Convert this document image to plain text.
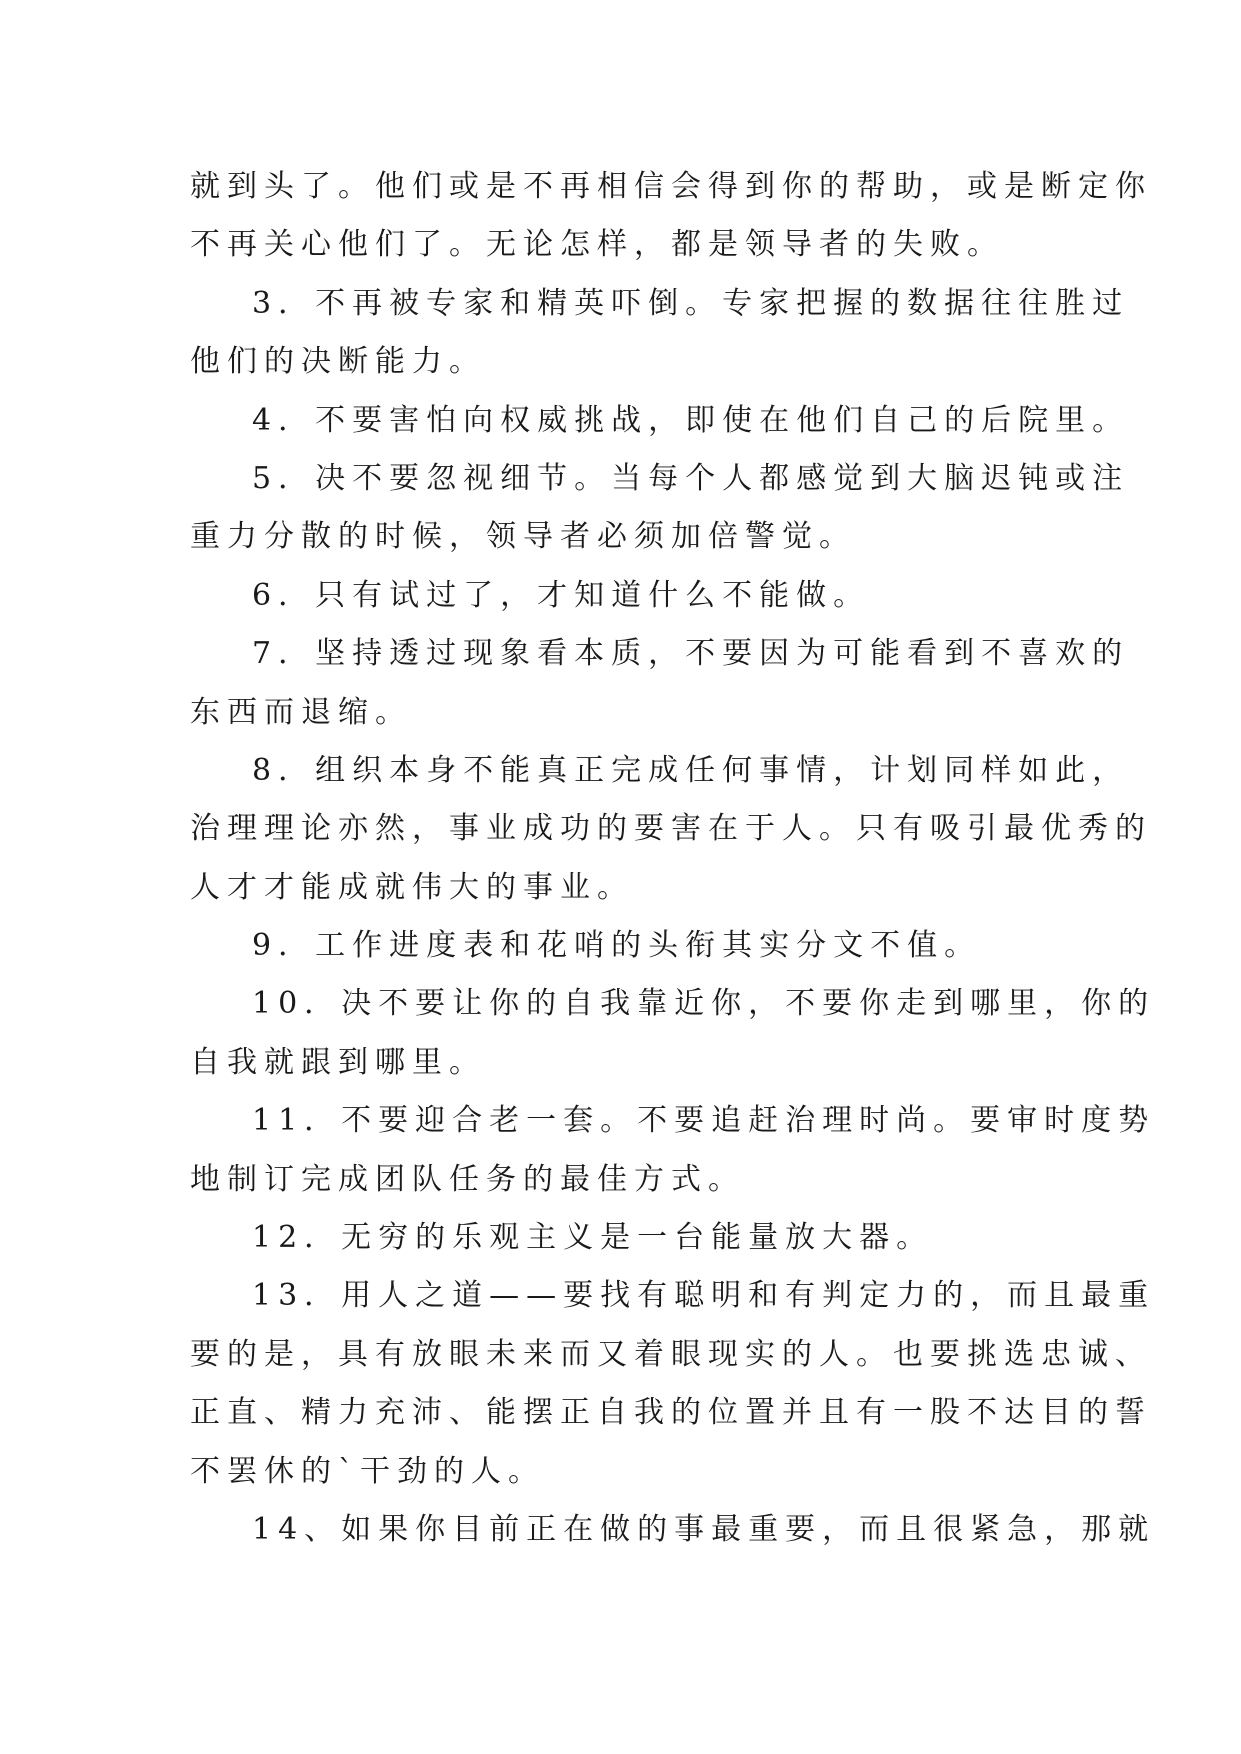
就到头了。他们或是不再相信会得到你的帮助，或是断定你
不再关心他们了。无论怎样，都是领导者的失败。
3．不再被专家和精英吓倒。专家把握的数据往往胜过
他们的决断能力。
4．不要害怕向权威挑战，即使在他们自己的后院里。
5．决不要忽视细节。当每个人都感觉到大脑迟钝或注
重力分散的时候，领导者必须加倍警觉。
6．只有试过了，才知道什么不能做。
7．坚持透过现象看本质，不要因为可能看到不喜欢的
东西而退缩。
8．组织本身不能真正完成任何事情，计划同样如此，
治理理论亦然，事业成功的要害在于人。只有吸引最优秀的
人才才能成就伟大的事业。
9．工作进度表和花哨的头衔其实分文不值。
10．决不要让你的自我靠近你，不要你走到哪里，你的
自我就跟到哪里。
11．不要迎合老一套。不要追赶治理时尚。要审时度势
地制订完成团队任务的最佳方式。
12．无穷的乐观主义是一台能量放大器。
13．用人之道——要找有聪明和有判定力的，而且最重
要的是，具有放眼未来而又着眼现实的人。也要挑选忠诚、
正直、精力充沛、能摆正自我的位置并且有一股不达目的誓
不罢休的`干劲的人。
14、如果你目前正在做的事最重要，而且很紧急，那就
